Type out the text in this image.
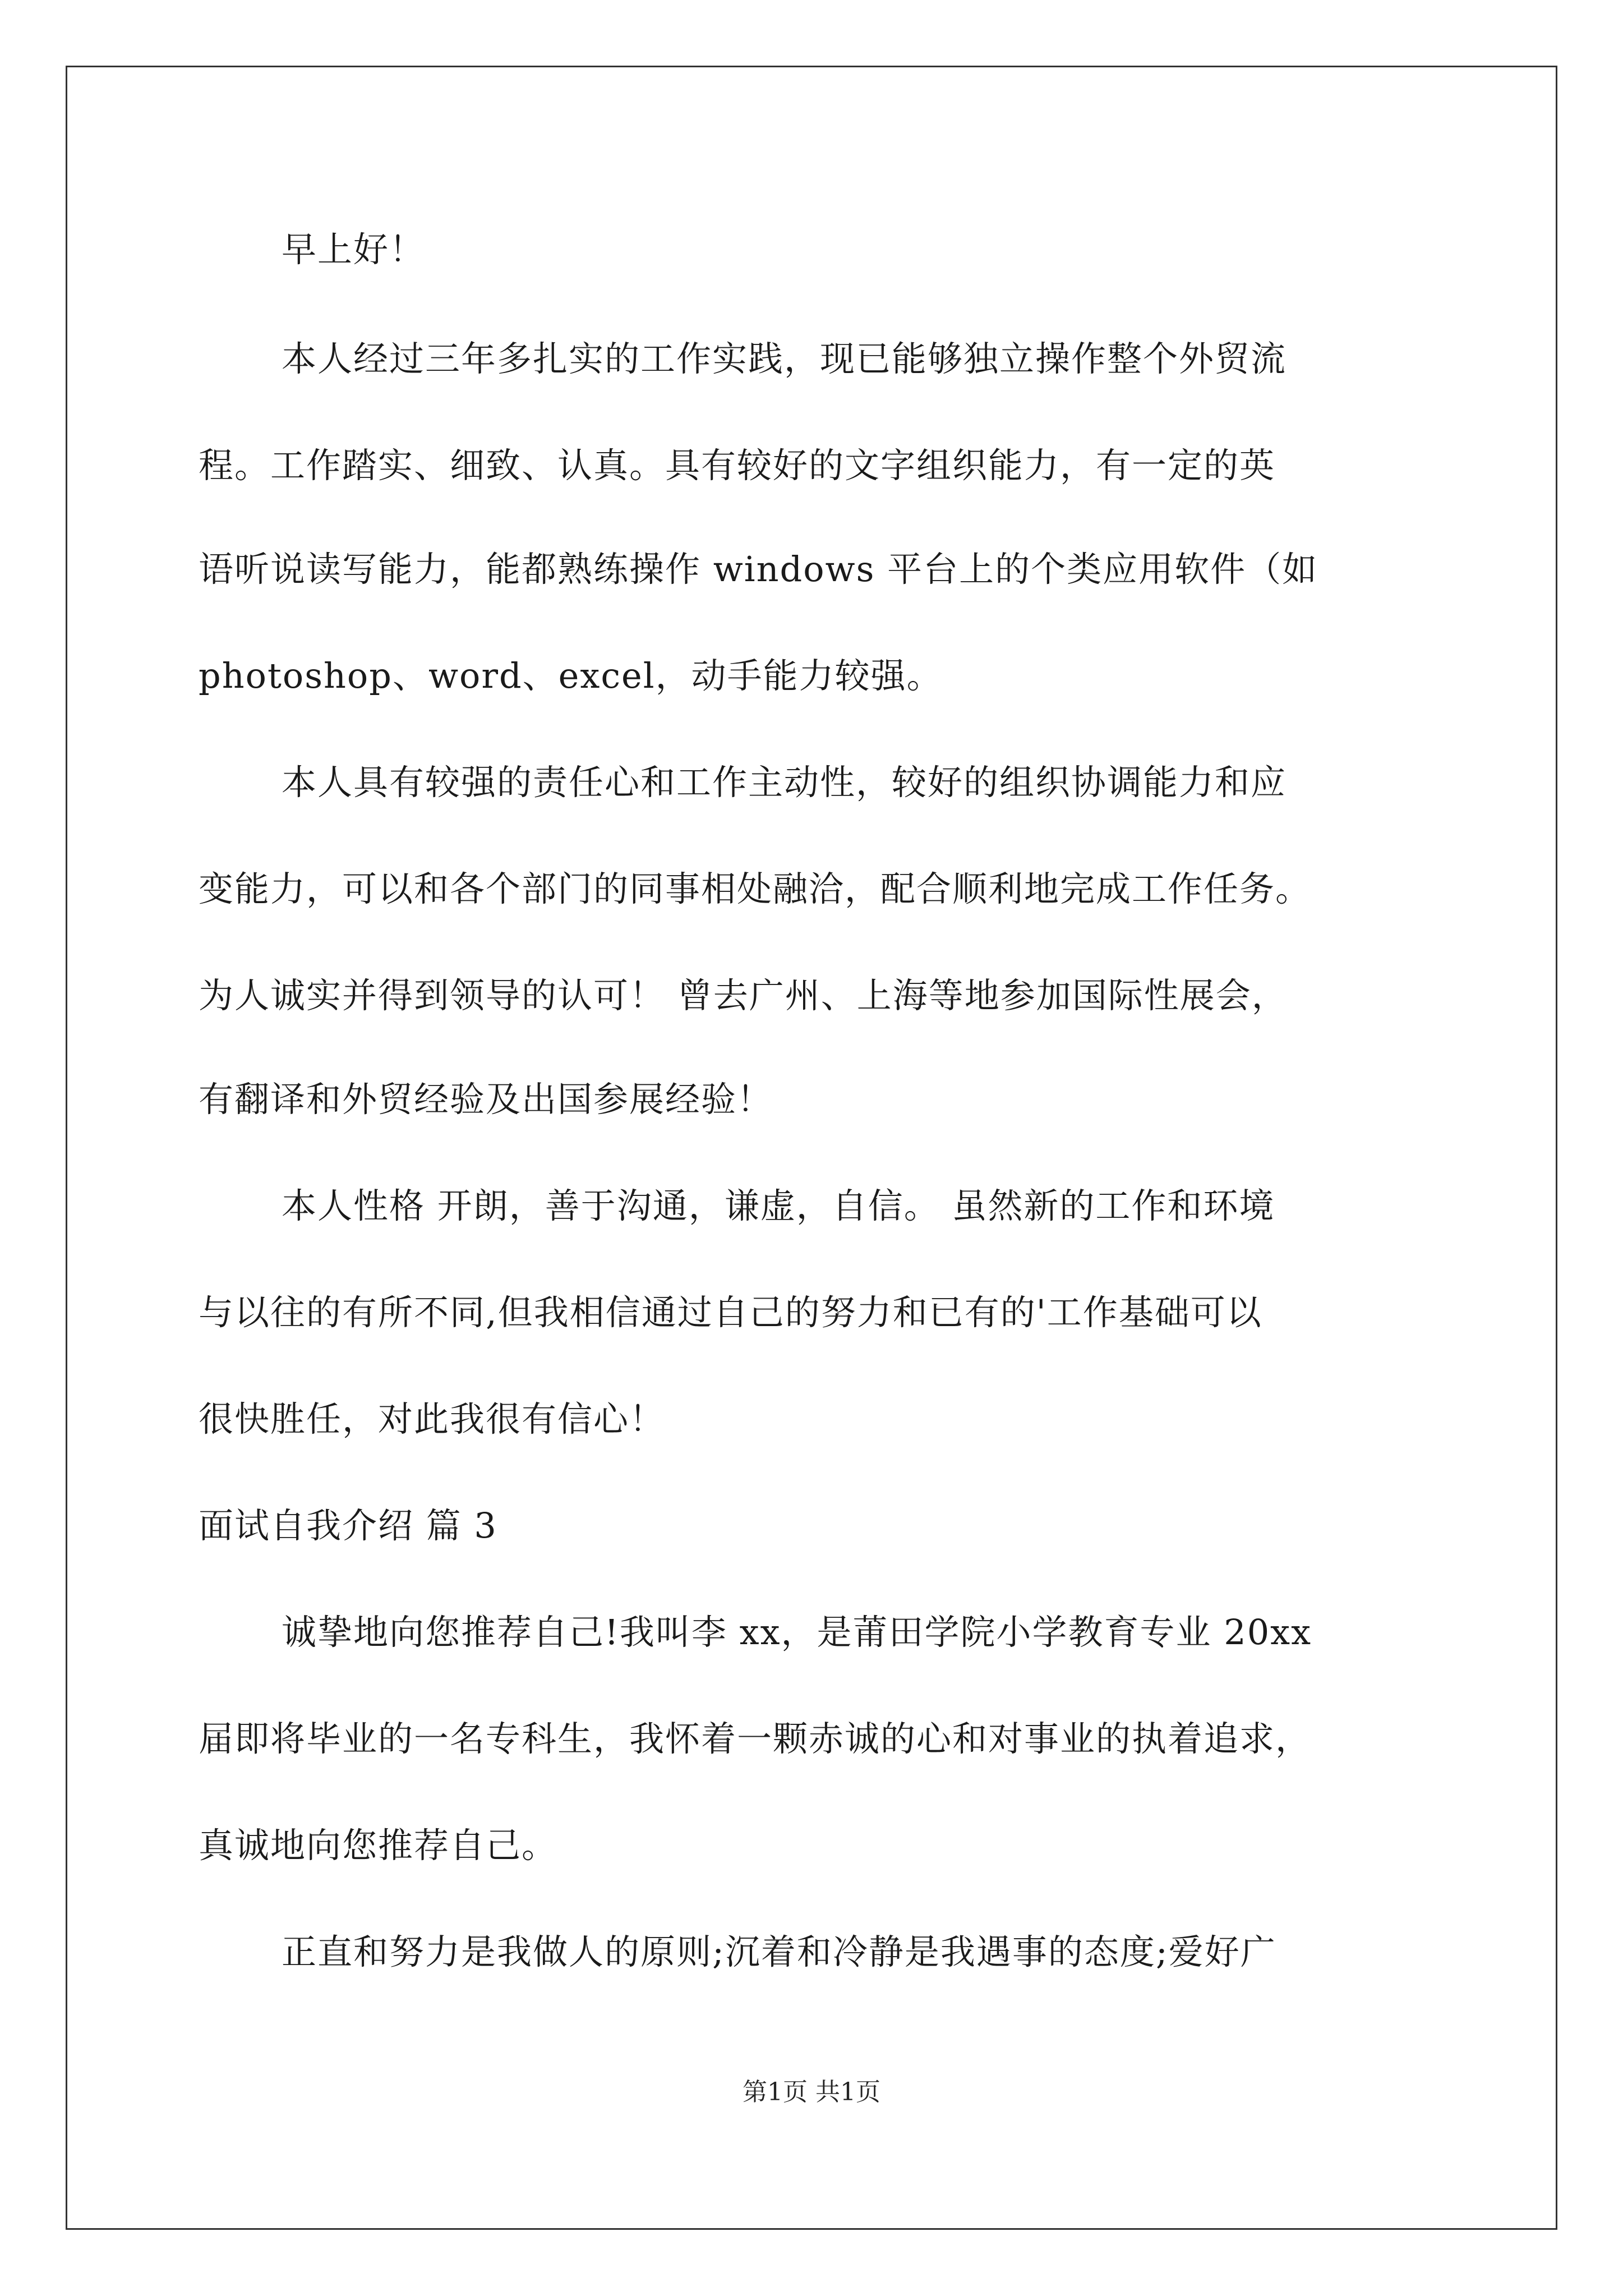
早上好！
本人经过三年多扎实的工作实践，现已能够独立操作整个外贸流
程。工作踏实、细致、认真。具有较好的文字组织能力，有一定的英
语听说读写能力，能都熟练操作 windows 平台上的个类应用软件（如
photoshop、word、excel，动手能力较强。
本人具有较强的责任心和工作主动性，较好的组织协调能力和应
变能力，可以和各个部门的同事相处融洽，配合顺利地完成工作任务。
为人诚实并得到领导的认可！ 曾去广州、上海等地参加国际性展会，
有翻译和外贸经验及出国参展经验！
本人性格 开朗，善于沟通，谦虚，自信。 虽然新的工作和环境
与以往的有所不同,但我相信通过自己的努力和已有的'工作基础可以
很快胜任，对此我很有信心！
面试自我介绍 篇 3
诚挚地向您推荐自己!我叫李 xx，是莆田学院小学教育专业 20xx
届即将毕业的一名专科生，我怀着一颗赤诚的心和对事业的执着追求，
真诚地向您推荐自己。
正直和努力是我做人的原则;沉着和冷静是我遇事的态度;爱好广
第1页 共1页
